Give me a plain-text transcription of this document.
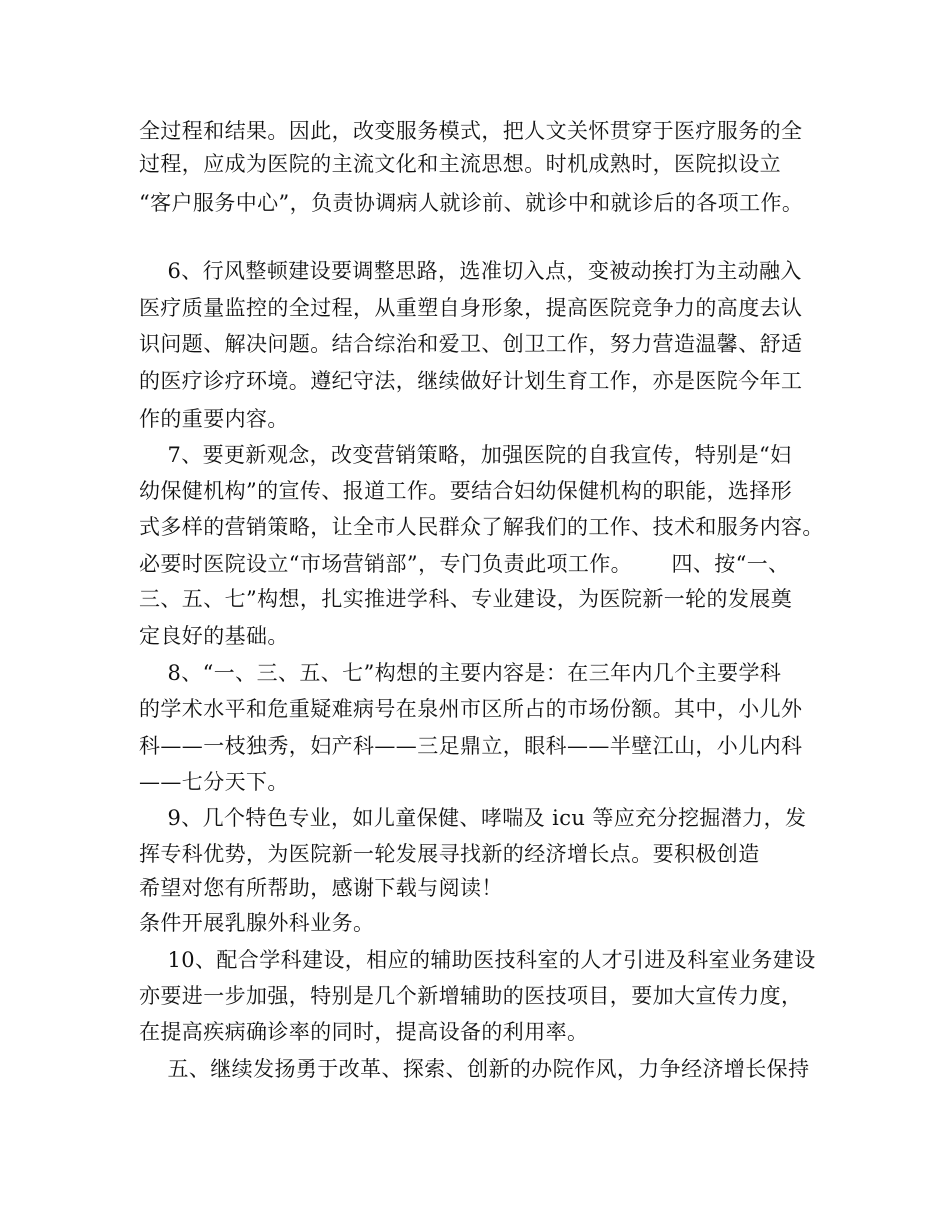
全过程和结果。因此，改变服务模式，把人文关怀贯穿于医疗服务的全
过程，应成为医院的主流文化和主流思想。时机成熟时，医院拟设立
“客户服务中心”，负责协调病人就诊前、就诊中和就诊后的各项工作。
　 6、行风整顿建设要调整思路，选准切入点，变被动挨打为主动融入
医疗质量监控的全过程，从重塑自身形象，提高医院竞争力的高度去认
识问题、解决问题。结合综治和爱卫、创卫工作，努力营造温馨、舒适
的医疗诊疗环境。遵纪守法，继续做好计划生育工作，亦是医院今年工
作的重要内容。
　 7、要更新观念，改变营销策略，加强医院的自我宣传，特别是“妇
幼保健机构”的宣传、报道工作。要结合妇幼保健机构的职能，选择形
式多样的营销策略，让全市人民群众了解我们的工作、技术和服务内容。
必要时医院设立“市场营销部”，专门负责此项工作。　　 四、按“一、
三、五、七”构想，扎实推进学科、专业建设，为医院新一轮的发展奠
定良好的基础。
　 8、“一、三、五、七”构想的主要内容是：在三年内几个主要学科
的学术水平和危重疑难病号在泉州市区所占的市场份额。其中，小儿外
科——一枝独秀，妇产科——三足鼎立，眼科——半壁江山，小儿内科
——七分天下。
　 9、几个特色专业，如儿童保健、哮喘及 icu 等应充分挖掘潜力，发
挥专科优势，为医院新一轮发展寻找新的经济增长点。要积极创造
希望对您有所帮助，感谢下载与阅读！
条件开展乳腺外科业务。
　 10、配合学科建设，相应的辅助医技科室的人才引进及科室业务建设
亦要进一步加强，特别是几个新增辅助的医技项目，要加大宣传力度，
在提高疾病确诊率的同时，提高设备的利用率。
　 五、继续发扬勇于改革、探索、创新的办院作风，力争经济增长保持
